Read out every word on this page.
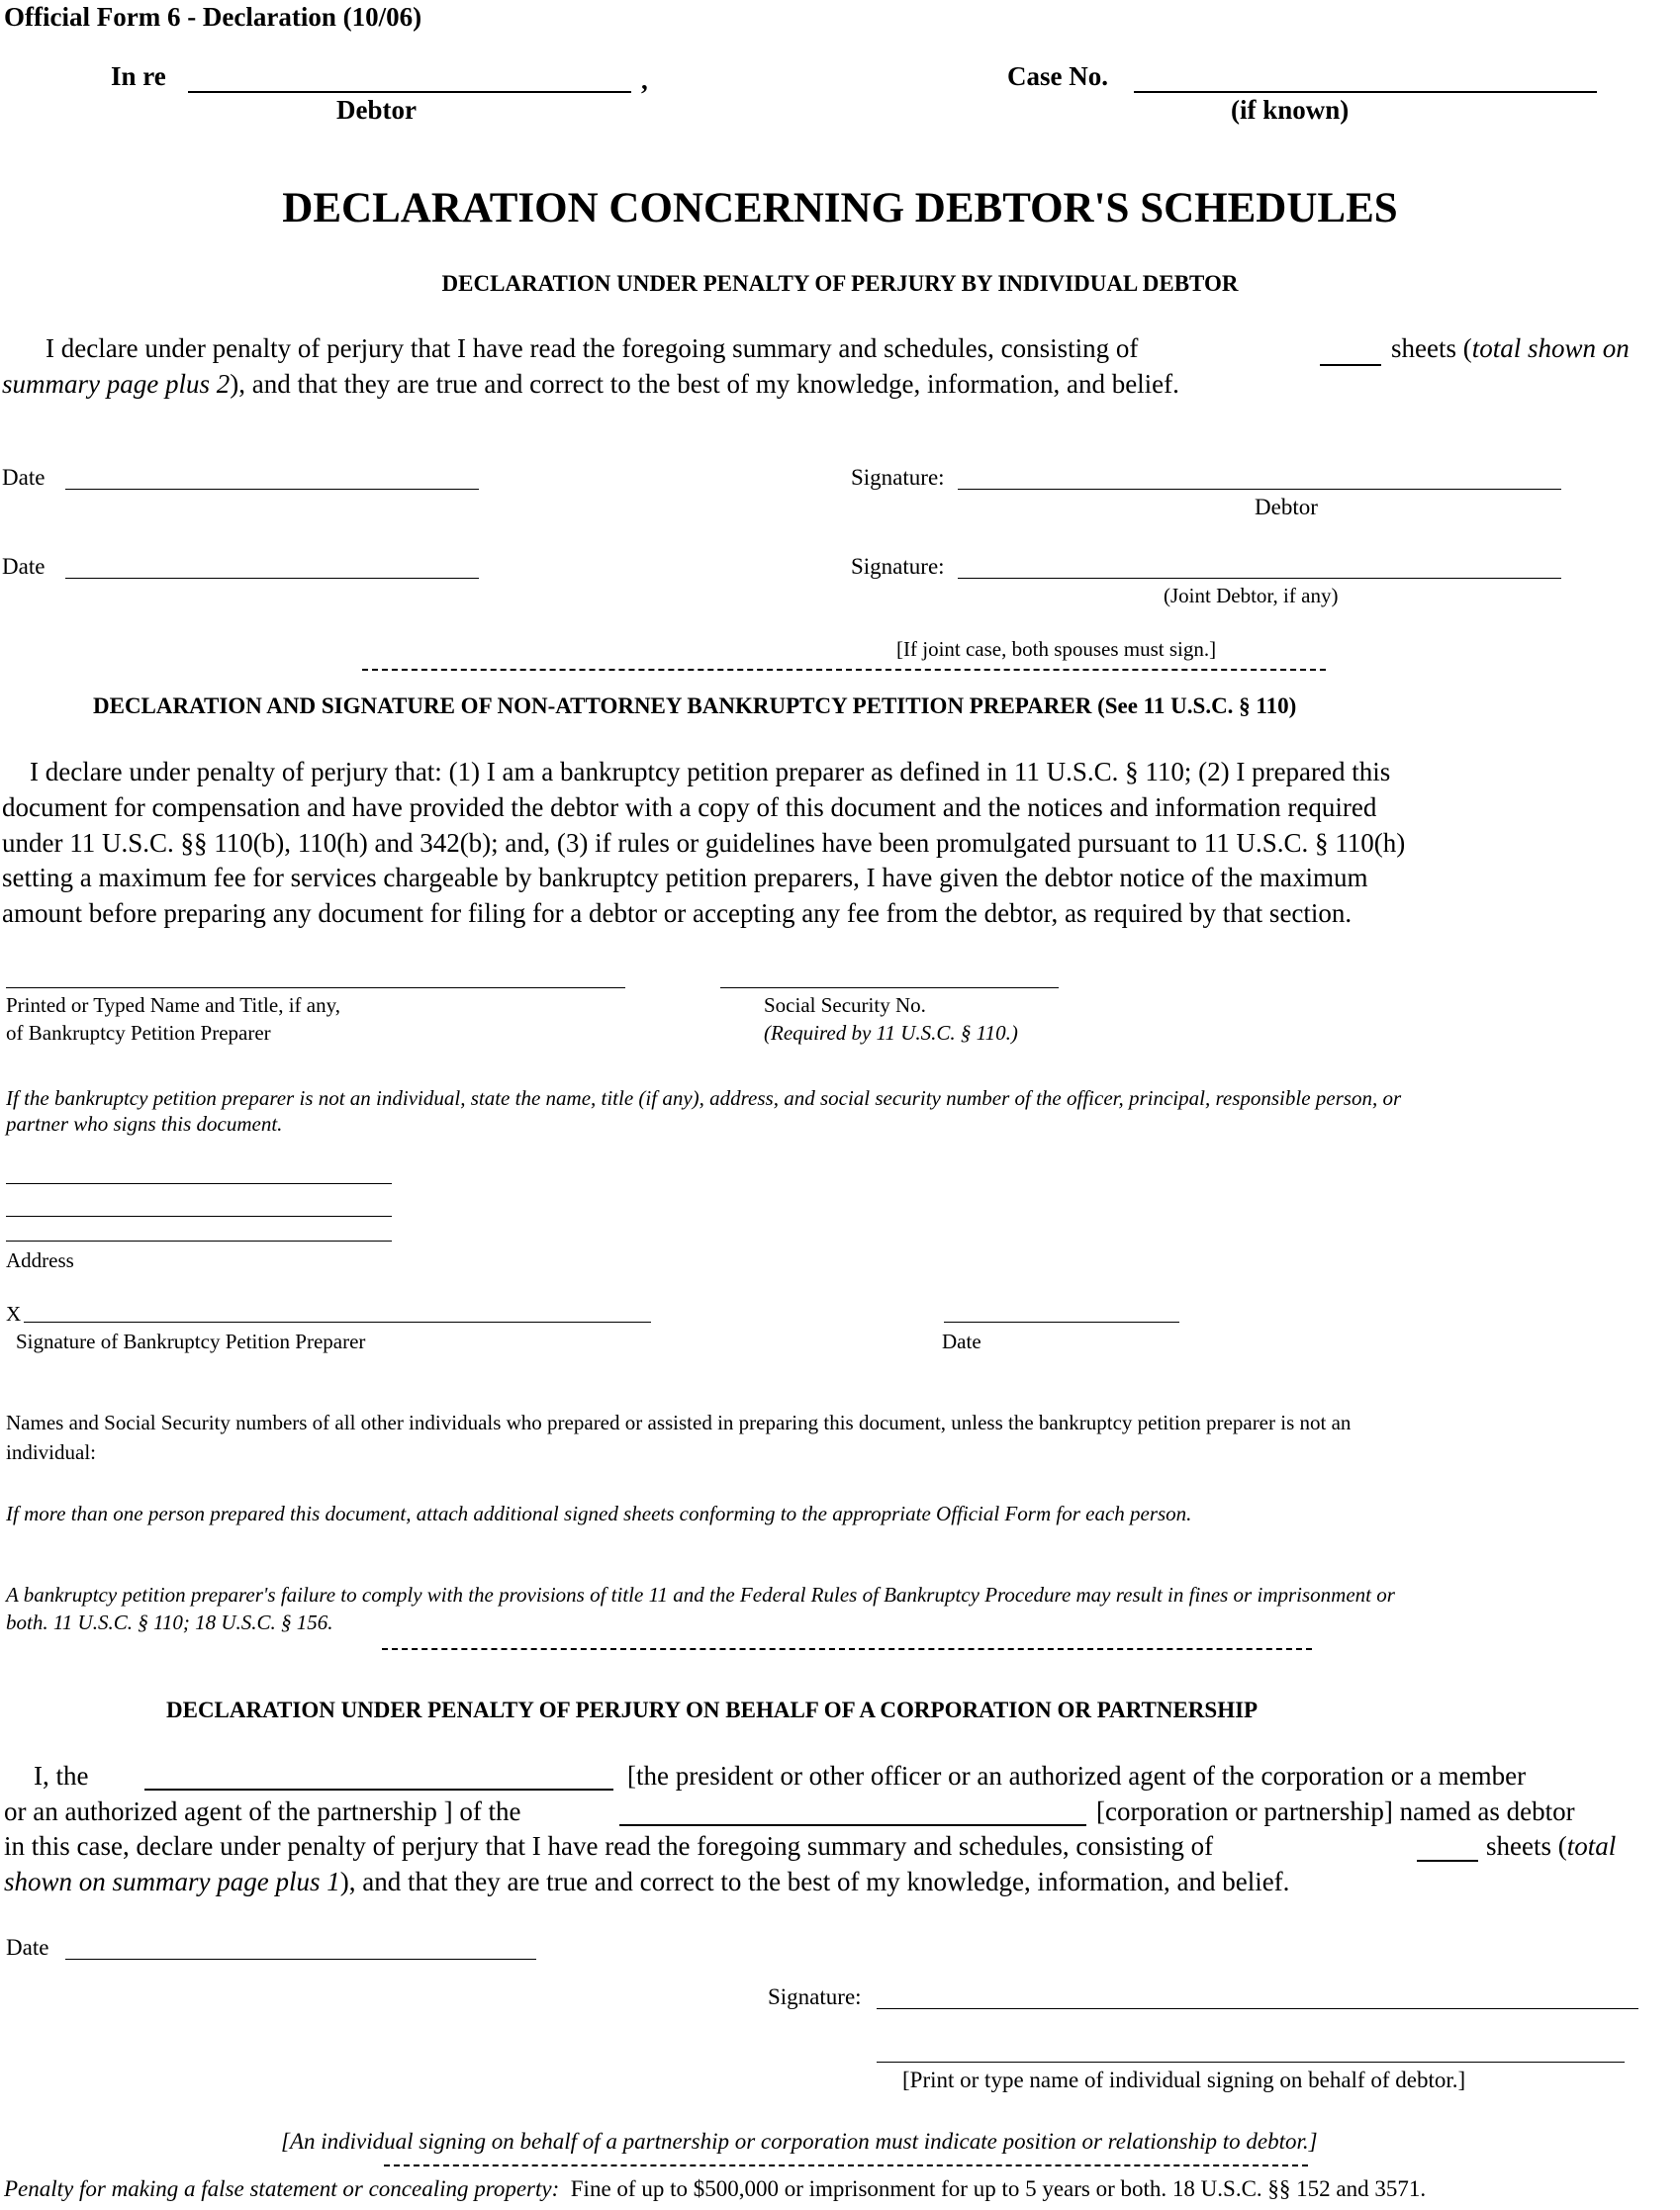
Official Form 6 - Declaration (10/06)
In re	,
Debtor
Case No.
(if known)
DECLARATION CONCERNING DEBTOR'S SCHEDULES
DECLARATION UNDER PENALTY OF PERJURY BY INDIVIDUAL DEBTOR
I declare under penalty of perjury that I have read the foregoing summary and schedules, consisting of	sheets (total shown on
summary page plus 2), and that they are true and correct to the best of my knowledge, information, and belief.
Date	Signature:
Debtor
Date	Signature:
(Joint Debtor, if any)
[If joint case, both spouses must sign.]
DECLARATION AND SIGNATURE OF NON-ATTORNEY BANKRUPTCY PETITION PREPARER (See 11 U.S.C. § 110)
I declare under penalty of perjury that: (1) I am a bankruptcy petition preparer as defined in 11 U.S.C. § 110; (2) I prepared this
document for compensation and have provided the debtor with a copy of this document and the notices and information required
under 11 U.S.C. §§ 110(b), 110(h) and 342(b); and, (3) if rules or guidelines have been promulgated pursuant to 11 U.S.C. § 110(h)
setting a maximum fee for services chargeable by bankruptcy petition preparers, I have given the debtor notice of the maximum
amount before preparing any document for filing for a debtor or accepting any fee from the debtor, as required by that section.
Printed or Typed Name and Title, if any,
of Bankruptcy Petition Preparer
Social Security No.
(Required by 11 U.S.C. § 110.)
If the bankruptcy petition preparer is not an individual, state the name, title (if any), address, and social security number of the officer, principal, responsible person, or
partner who signs this document.
Address
X
Signature of Bankruptcy Petition Preparer	Date
Names and Social Security numbers of all other individuals who prepared or assisted in preparing this document, unless the bankruptcy petition preparer is not an
individual:
If more than one person prepared this document, attach additional signed sheets conforming to the appropriate Official Form for each person.
A bankruptcy petition preparer's failure to comply with the provisions of title 11 and the Federal Rules of Bankruptcy Procedure may result in fines or imprisonment or
both. 11 U.S.C. § 110; 18 U.S.C. § 156.
DECLARATION UNDER PENALTY OF PERJURY ON BEHALF OF A CORPORATION OR PARTNERSHIP
I, the	[the president or other officer or an authorized agent of the corporation or a member
or an authorized agent of the partnership ] of the	[corporation or partnership] named as debtor
in this case, declare under penalty of perjury that I have read the foregoing summary and schedules, consisting of	sheets (total
shown on summary page plus 1), and that they are true and correct to the best of my knowledge, information, and belief.
Date
Signature:
[Print or type name of individual signing on behalf of debtor.]
[An individual signing on behalf of a partnership or corporation must indicate position or relationship to debtor.]
Penalty for making a false statement or concealing property: Fine of up to $500,000 or imprisonment for up to 5 years or both. 18 U.S.C. §§ 152 and 3571.
